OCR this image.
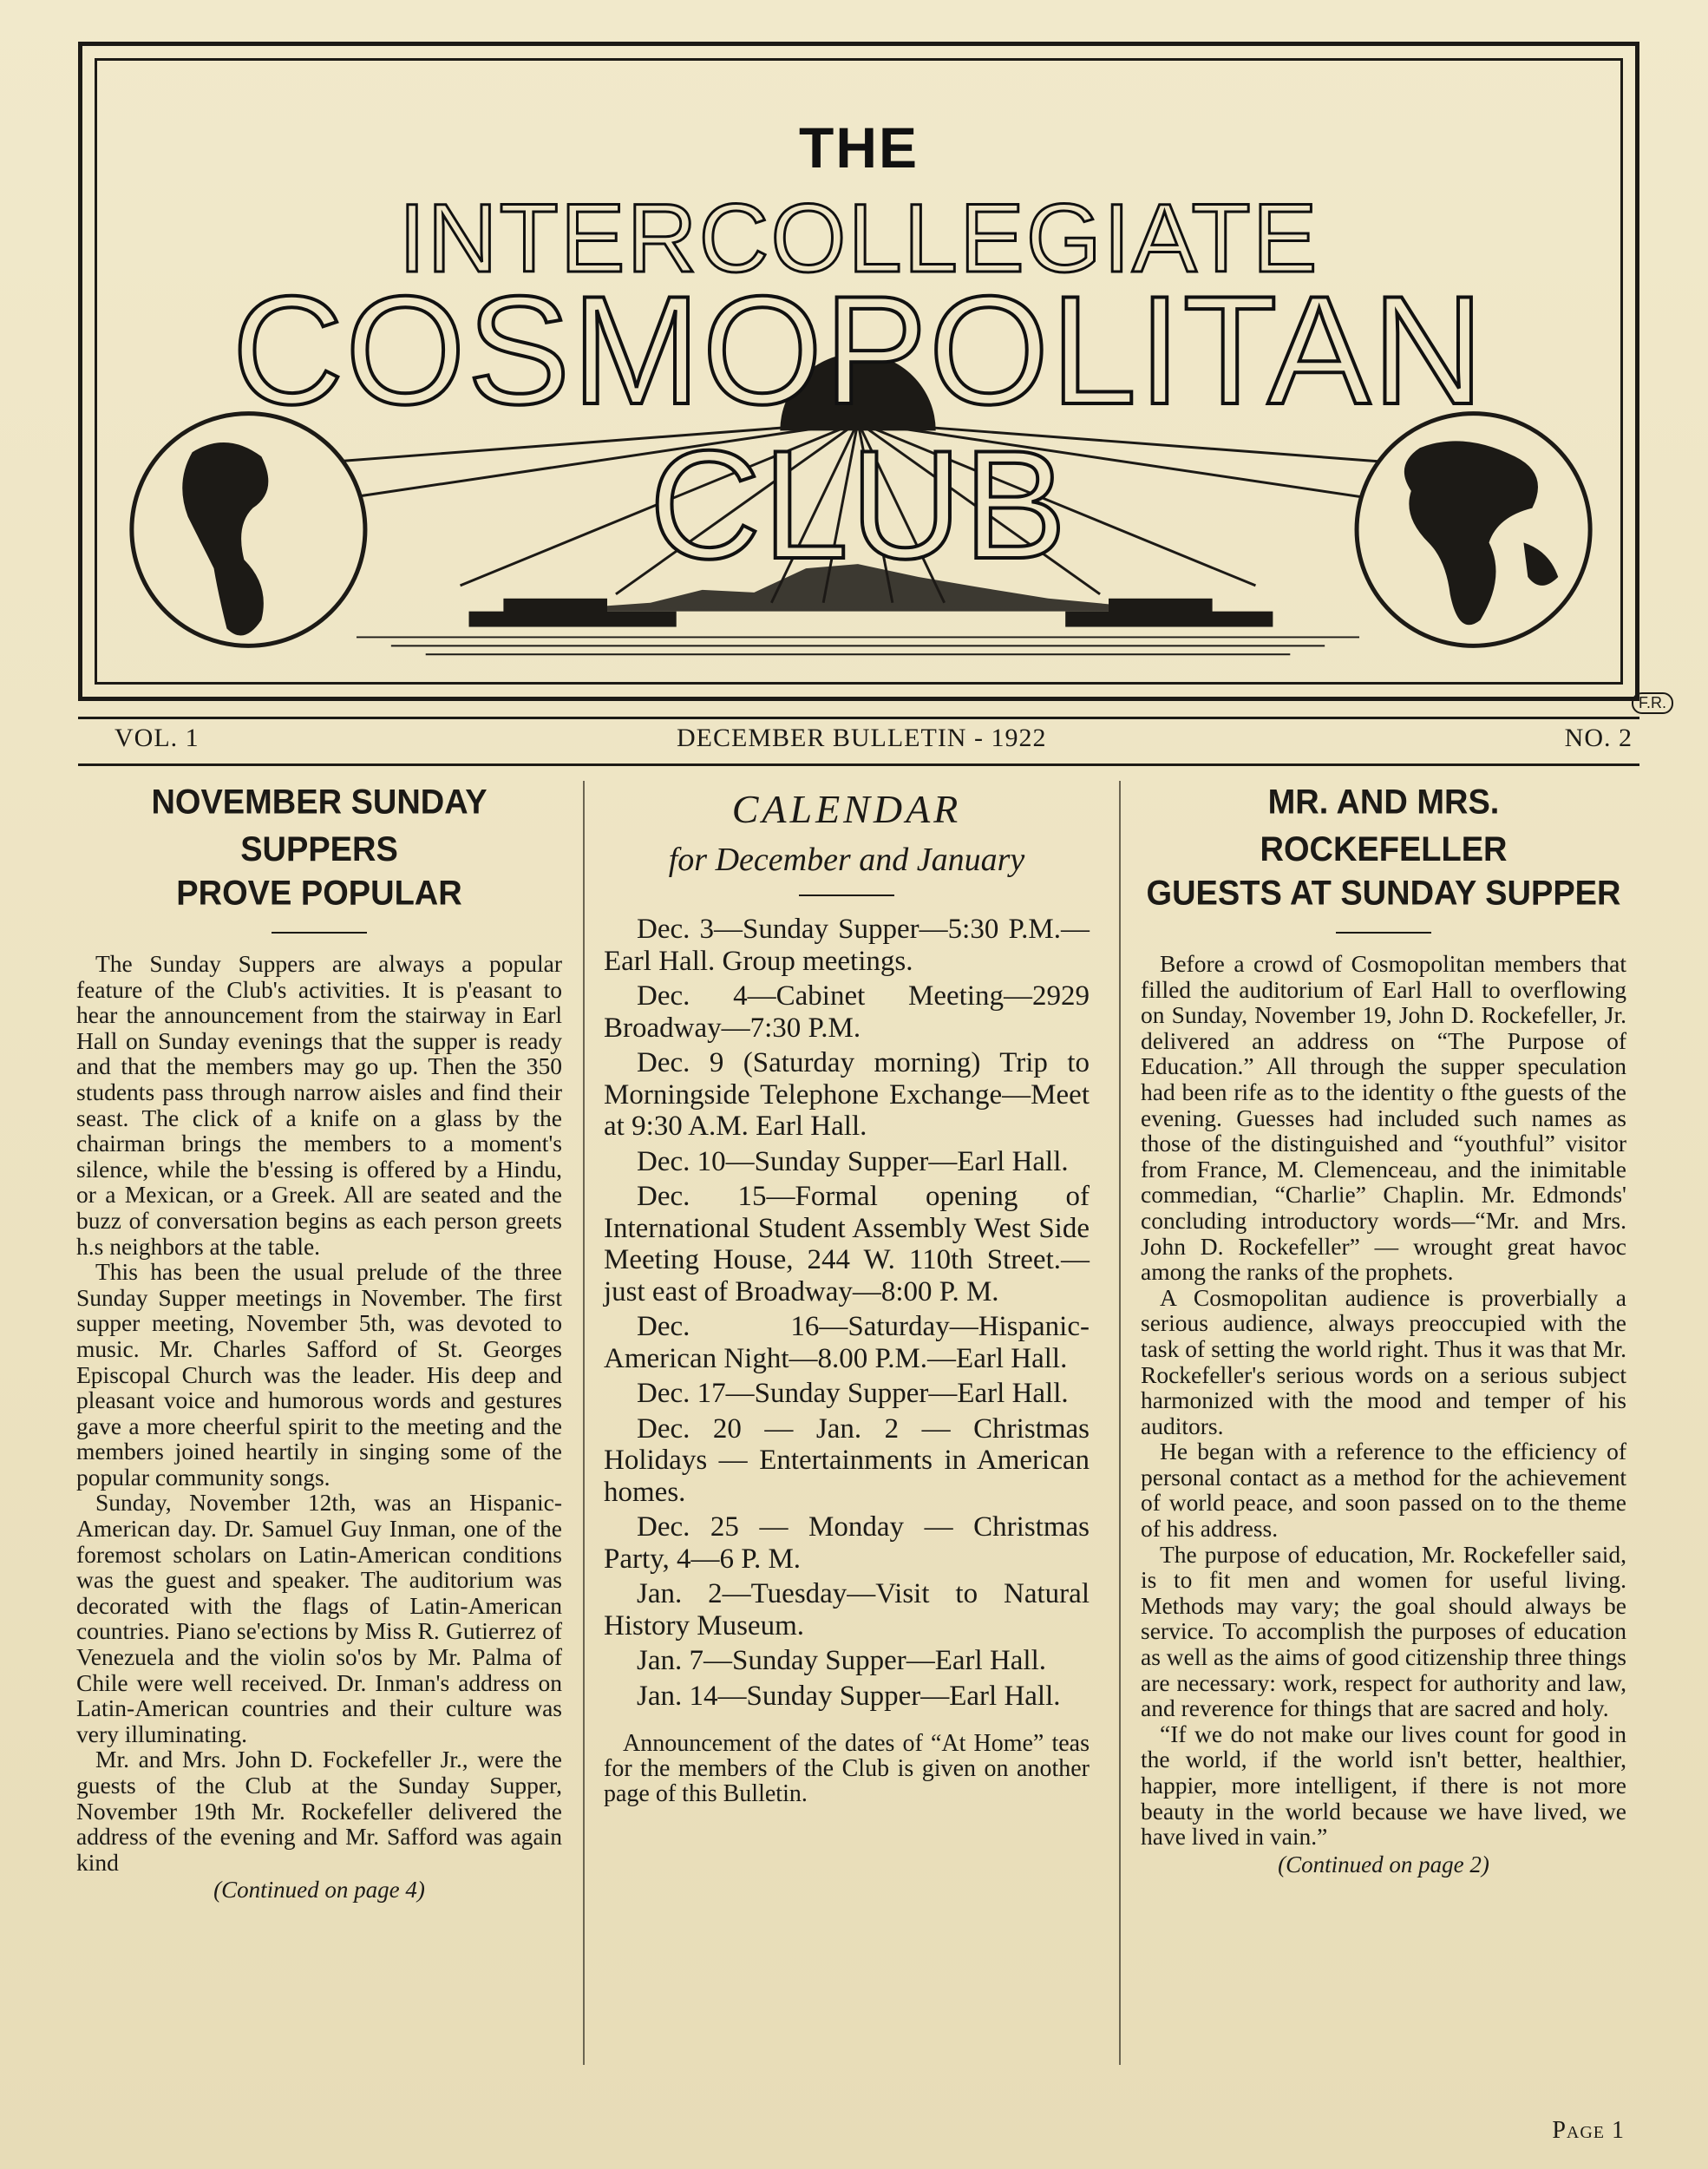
THE
INTERCOLLEGIATE
COSMOPOLITAN CLUB
F.R.
VOL. 1	DECEMBER BULLETIN - 1922	NO. 2
NOVEMBER SUNDAY SUPPERS
PROVE POPULAR

The Sunday Suppers are always a popular feature of the Club's activities. It is p'easant to hear the announcement from the stairway in Earl Hall on Sunday evenings that the supper is ready and that the members may go up. Then the 350 students pass through narrow aisles and find their seast. The click of a knife on a glass by the chairman brings the members to a moment's silence, while the b'essing is offered by a Hindu, or a Mexican, or a Greek. All are seated and the buzz of conversation begins as each person greets h.s neighbors at the table.

This has been the usual prelude of the three Sunday Supper meetings in November. The first supper meeting, November 5th, was devoted to music. Mr. Charles Safford of St. Georges Episcopal Church was the leader. His deep and pleasant voice and humorous words and gestures gave a more cheerful spirit to the meeting and the members joined heartily in singing some of the popular community songs.

Sunday, November 12th, was an Hispanic-American day. Dr. Samuel Guy Inman, one of the foremost scholars on Latin-American conditions was the guest and speaker. The auditorium was decorated with the flags of Latin-American countries. Piano se'ections by Miss R. Gutierrez of Venezuela and the violin so'os by Mr. Palma of Chile were well received. Dr. Inman's address on Latin-American countries and their culture was very illuminating.

Mr. and Mrs. John D. Fockefeller Jr., were the guests of the Club at the Sunday Supper, November 19th Mr. Rockefeller delivered the address of the evening and Mr. Safford was again kind

(Continued on page 4)
CALENDAR
for December and January
Dec. 3—Sunday Supper—5:30 P.M.—Earl Hall. Group meetings.
Dec. 4—Cabinet Meeting—2929 Broadway—7:30 P.M.
Dec. 9 (Saturday morning) Trip to Morningside Telephone Exchange—Meet at 9:30 A.M. Earl Hall.
Dec. 10—Sunday Supper—Earl Hall.
Dec. 15—Formal opening of International Student Assembly West Side Meeting House, 244 W. 110th Street.—just east of Broadway—8:00 P. M.
Dec. 16—Saturday—Hispanic-American Night—8.00 P.M.—Earl Hall.
Dec. 17—Sunday Supper—Earl Hall.
Dec. 20 — Jan. 2 — Christmas Holidays — Entertainments in American homes.
Dec. 25 — Monday — Christmas Party, 4—6 P. M.
Jan. 2—Tuesday—Visit to Natural History Museum.
Jan. 7—Sunday Supper—Earl Hall.
Jan. 14—Sunday Supper—Earl Hall.
Announcement of the dates of “At Home” teas for the members of the Club is given on another page of this Bulletin.
MR. AND MRS. ROCKEFELLER
GUESTS AT SUNDAY SUPPER

Before a crowd of Cosmopolitan members that filled the auditorium of Earl Hall to overflowing on Sunday, November 19, John D. Rockefeller, Jr. delivered an address on “The Purpose of Education.” All through the supper speculation had been rife as to the identity o fthe guests of the evening. Guesses had included such names as those of the distinguished and “youthful” visitor from France, M. Clemenceau, and the inimitable commedian, “Charlie” Chaplin. Mr. Edmonds' concluding introductory words—“Mr. and Mrs. John D. Rockefeller” — wrought great havoc among the ranks of the prophets.

A Cosmopolitan audience is proverbially a serious audience, always preoccupied with the task of setting the world right. Thus it was that Mr. Rockefeller's serious words on a serious subject harmonized with the mood and temper of his auditors.

He began with a reference to the efficiency of personal contact as a method for the achievement of world peace, and soon passed on to the theme of his address.

The purpose of education, Mr. Rockefeller said, is to fit men and women for useful living. Methods may vary; the goal should always be service. To accomplish the purposes of education as well as the aims of good citizenship three things are necessary: work, respect for authority and law, and reverence for things that are sacred and holy.

“If we do not make our lives count for good in the world, if the world isn't better, healthier, happier, more intelligent, if there is not more beauty in the world because we have lived, we have lived in vain.”

(Continued on page 2)
Page 1
